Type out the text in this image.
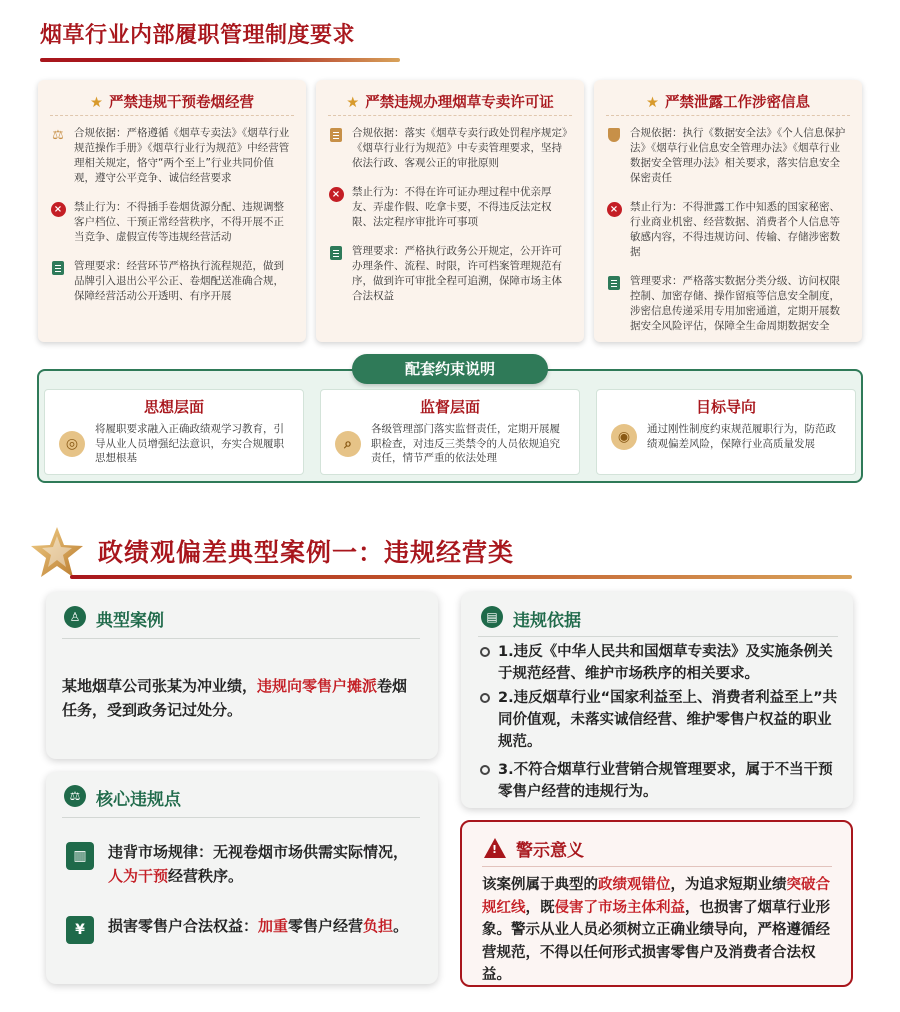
烟草行业内部履职管理制度要求
★ 严禁违规干预卷烟经营
⚖ 合规依据：严格遵循《烟草专卖法》《烟草行业规范操作手册》《烟草行业行为规范》中经营管理相关规定，恪守“两个至上”行业共同价值观，遵守公平竞争、诚信经营要求
×	禁止行为：不得插手卷烟货源分配、违规调整客户档位、干预正常经营秩序，不得开展不正当竞争、虚假宣传等违规经营活动
管理要求：经营环节严格执行流程规范，做到品牌引入退出公平公正、卷烟配送准确合规，保障经营活动公开透明、有序开展
★ 严禁违规办理烟草专卖许可证
合规依据：落实《烟草专卖行政处罚程序规定》《烟草行业行为规范》中专卖管理要求，坚持依法行政、客观公正的审批原则
×	禁止行为：不得在许可证办理过程中优亲厚友、弄虚作假、吃拿卡要，不得违反法定权限、法定程序审批许可事项
管理要求：严格执行政务公开规定，公开许可办理条件、流程、时限，许可档案管理规范有序，做到许可审批全程可追溯，保障市场主体合法权益
★ 严禁泄露工作涉密信息
合规依据：执行《数据安全法》《个人信息保护法》《烟草行业信息安全管理办法》《烟草行业数据安全管理办法》相关要求，落实信息安全保密责任
×	禁止行为：不得泄露工作中知悉的国家秘密、行业商业机密、经营数据、消费者个人信息等敏感内容，不得违规访问、传输、存储涉密数据
管理要求：严格落实数据分类分级、访问权限控制、加密存储、操作留痕等信息安全制度，涉密信息传递采用专用加密通道，定期开展数据安全风险评估，保障全生命周期数据安全
配套约束说明
思想层面
◎
将履职要求融入正确政绩观学习教育，引导从业人员增强纪法意识，夯实合规履职思想根基
监督层面
⌕
各级管理部门落实监督责任，定期开展履职检查，对违反三类禁令的人员依规追究责任，情节严重的依法处理
目标导向
◉	通过刚性制度约束规范履职行为，防范政绩观偏差风险，保障行业高质量发展
政绩观偏差典型案例一：违规经营类
♙ 典型案例
某地烟草公司张某为冲业绩，违规向零售户摊派卷烟任务，受到政务记过处分。
⚖ 核心违规点
▥	违背市场规律：无视卷烟市场供需实际情况，人为干预经营秩序。
¥	损害零售户合法权益：加重零售户经营负担。
▤ 违规依据
1.违反《中华人民共和国烟草专卖法》及实施条例关于规范经营、维护市场秩序的相关要求。
2.违反烟草行业“国家利益至上、消费者利益至上”共同价值观，未落实诚信经营、维护零售户权益的职业规范。
3.不符合烟草行业营销合规管理要求，属于不当干预零售户经营的违规行为。
! 警示意义
该案例属于典型的政绩观错位，为追求短期业绩突破合规红线，既侵害了市场主体利益，也损害了烟草行业形象。警示从业人员必须树立正确业绩导向，严格遵循经营规范，不得以任何形式损害零售户及消费者合法权益。
